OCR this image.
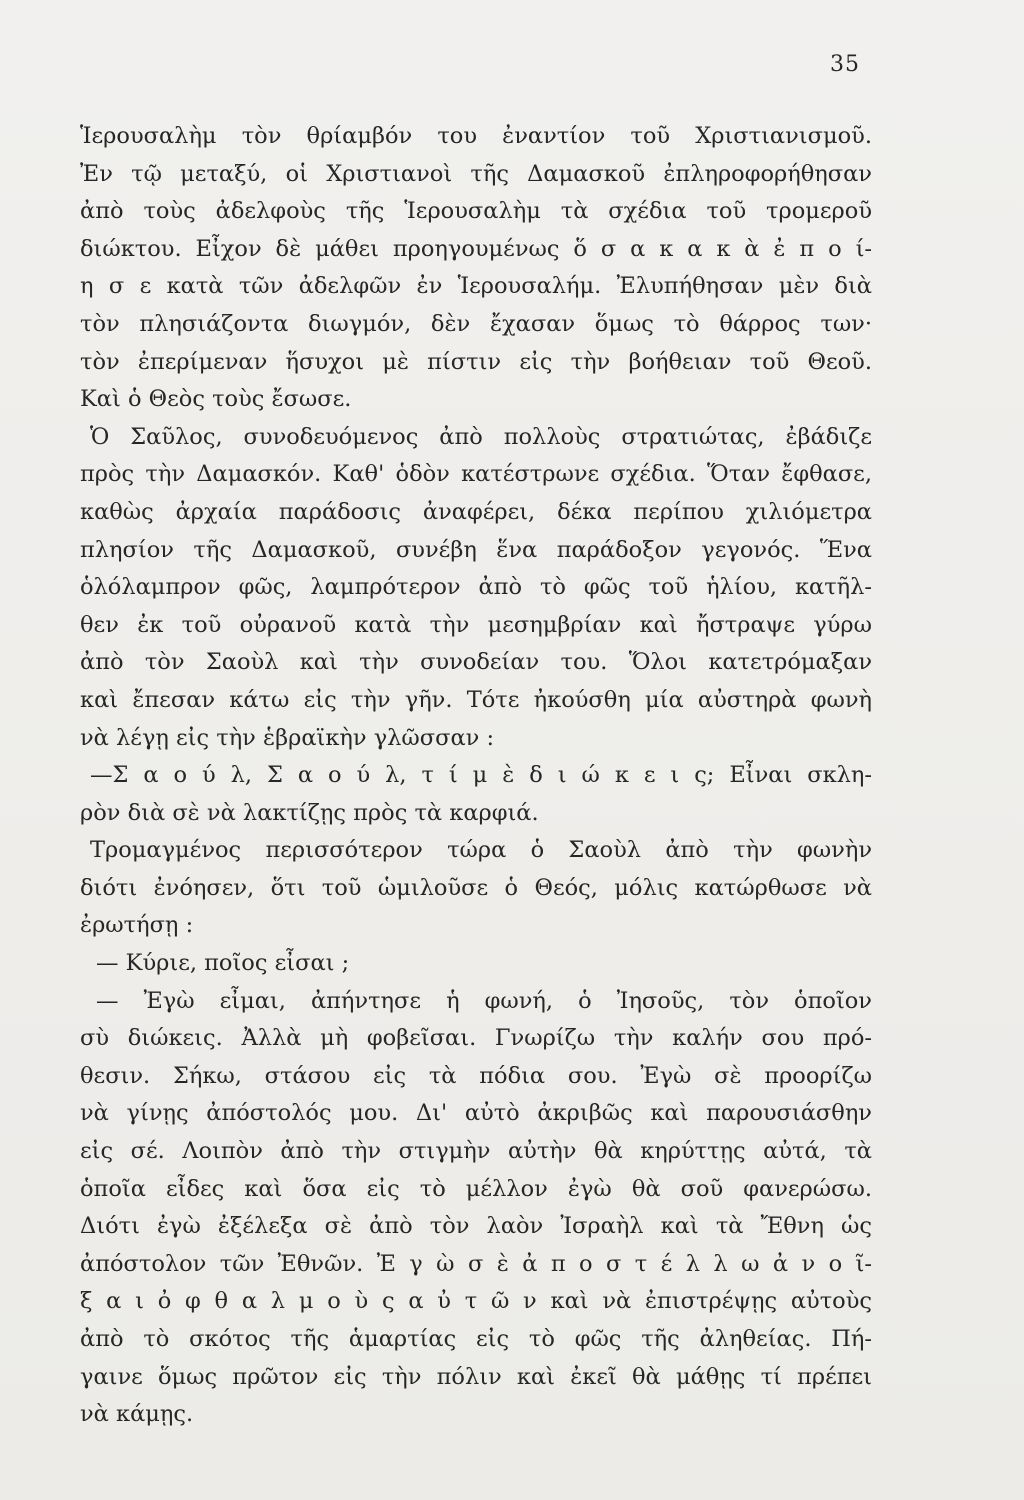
35
Ἱερουσαλὴμ τὸν θρίαμβόν του ἐναντίον τοῦ Χριστιανισμοῦ.
Ἐν τῷ μεταξύ, οἱ Χριστιανοὶ τῆς Δαμασκοῦ ἐπληροφορήθησαν
ἀπὸ τοὺς ἀδελφοὺς τῆς Ἱερουσαλὴμ τὰ σχέδια τοῦ τρομεροῦ
διώκτου. Εἶχον δὲ μάθει προηγουμένως ὅ σ α κ α κ ὰ ἐ π ο ί-
η σ ε κατὰ τῶν ἀδελφῶν ἐν Ἱερουσαλήμ. Ἐλυπήθησαν μὲν διὰ
τὸν πλησιάζοντα διωγμόν, δὲν ἔχασαν ὅμως τὸ θάρρος των·
τὸν ἐπερίμεναν ἥσυχοι μὲ πίστιν εἰς τὴν βοήθειαν τοῦ Θεοῦ.
Καὶ ὁ Θεὸς τοὺς ἔσωσε.
Ὁ Σαῦλος, συνοδευόμενος ἀπὸ πολλοὺς στρατιώτας, ἐβάδιζε
πρὸς τὴν Δαμασκόν. Καθ' ὁδὸν κατέστρωνε σχέδια. Ὅταν ἔφθασε,
καθὼς ἀρχαία παράδοσις ἀναφέρει, δέκα περίπου χιλιόμετρα
πλησίον τῆς Δαμασκοῦ, συνέβη ἕνα παράδοξον γεγονός. Ἕνα
ὁλόλαμπρον φῶς, λαμπρότερον ἀπὸ τὸ φῶς τοῦ ἡλίου, κατῆλ-
θεν ἐκ τοῦ οὐρανοῦ κατὰ τὴν μεσημβρίαν καὶ ἤστραψε γύρω
ἀπὸ τὸν Σαοὺλ καὶ τὴν συνοδείαν του. Ὅλοι κατετρόμαξαν
καὶ ἔπεσαν κάτω εἰς τὴν γῆν. Τότε ἠκούσθη μία αὐστηρὰ φωνὴ
νὰ λέγῃ εἰς τὴν ἑβραϊκὴν γλῶσσαν :
—Σ α ο ύ λ, Σ α ο ύ λ, τ ί μ ὲ δ ι ώ κ ε ι ς; Εἶναι σκλη-
ρὸν διὰ σὲ νὰ λακτίζῃς πρὸς τὰ καρφιά.
Τρομαγμένος περισσότερον τώρα ὁ Σαοὺλ ἀπὸ τὴν φωνὴν
διότι ἐνόησεν, ὅτι τοῦ ὡμιλοῦσε ὁ Θεός, μόλις κατώρθωσε νὰ
ἐρωτήσῃ :
— Κύριε, ποῖος εἶσαι ;
— Ἐγὼ εἶμαι, ἀπήντησε ἡ φωνή, ὁ Ἰησοῦς, τὸν ὁποῖον
σὺ διώκεις. Ἀλλὰ μὴ φοβεῖσαι. Γνωρίζω τὴν καλήν σου πρό-
θεσιν. Σήκω, στάσου εἰς τὰ πόδια σου. Ἐγὼ σὲ προορίζω
νὰ γίνῃς ἀπόστολός μου. Δι' αὐτὸ ἀκριβῶς καὶ παρουσιάσθην
εἰς σέ. Λοιπὸν ἀπὸ τὴν στιγμὴν αὐτὴν θὰ κηρύττῃς αὐτά, τὰ
ὁποῖα εἶδες καὶ ὅσα εἰς τὸ μέλλον ἐγὼ θὰ σοῦ φανερώσω.
Διότι ἐγὼ ἐξέλεξα σὲ ἀπὸ τὸν λαὸν Ἰσραὴλ καὶ τὰ Ἔθνη ὡς
ἀπόστολον τῶν Ἐθνῶν. Ἐ γ ὼ σ ὲ ἀ π ο σ τ έ λ λ ω ἀ ν ο ῖ-
ξ α ι ὀ φ θ α λ μ ο ὺ ς α ὐ τ ῶ ν καὶ νὰ ἐπιστρέψῃς αὐτοὺς
ἀπὸ τὸ σκότος τῆς ἁμαρτίας εἰς τὸ φῶς τῆς ἀληθείας. Πή-
γαινε ὅμως πρῶτον εἰς τὴν πόλιν καὶ ἐκεῖ θὰ μάθῃς τί πρέπει
νὰ κάμῃς.
